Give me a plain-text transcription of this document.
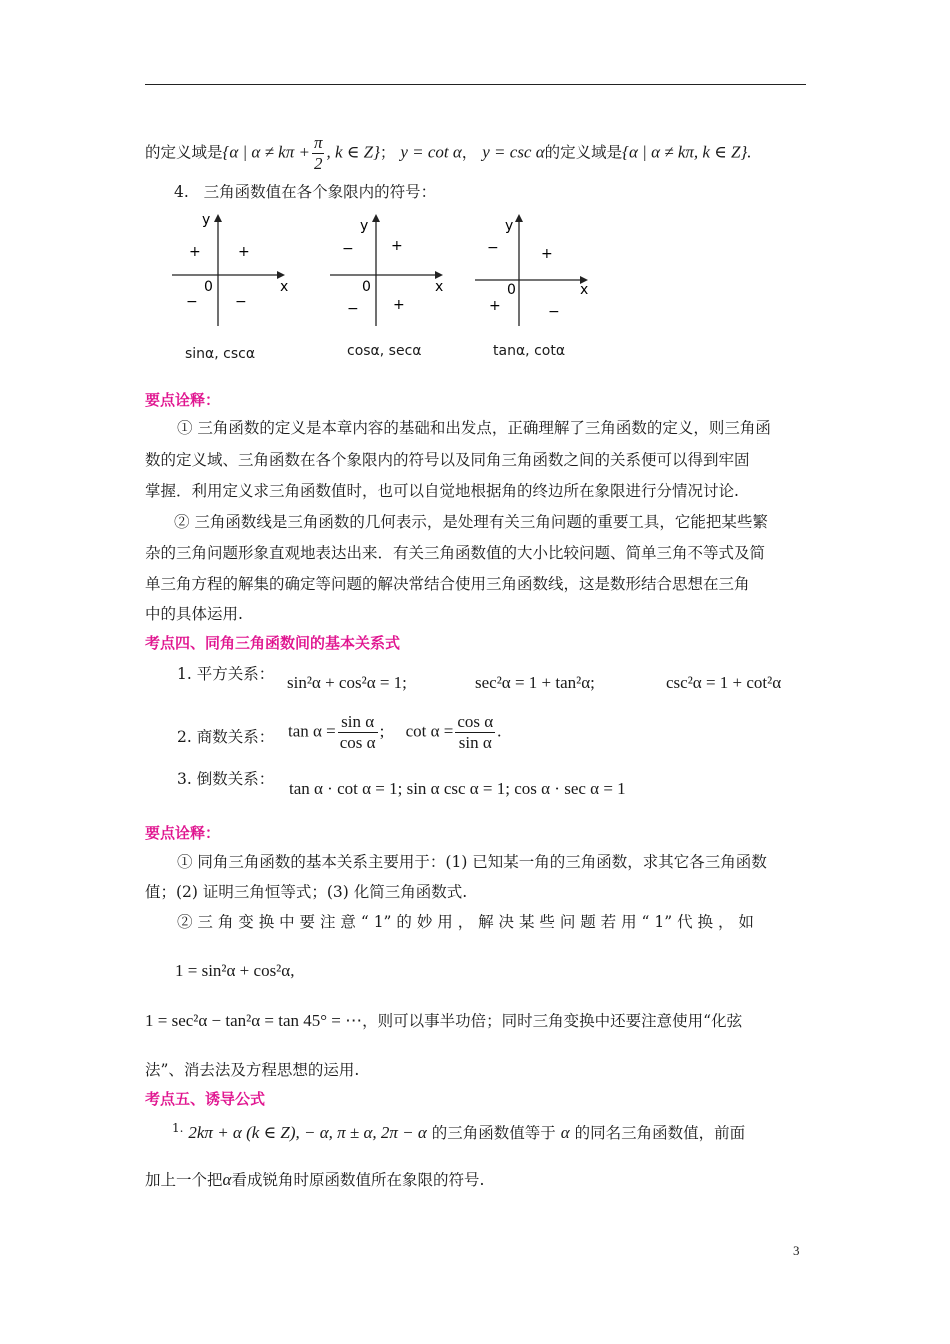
的定义域是{α | $\alpha \ne k\pi + \frac{\pi}{2}$ , k ∈ Z}； y = cot α， y = csc α的定义域是{α | α ≠ kπ, k ∈ Z}.
4. 三角函数值在各个象限内的符号：
y
x
0
+
+
−	−
sinα, cscα
y
x
0
+
−
− +
cosα, secα
y
x
0
+
−
+	−
tanα, cotα
要点诠释：
① 三角函数的定义是本章内容的基础和出发点，正确理解了三角函数的定义，则三角函
数的定义域、三角函数在各个象限内的符号以及同角三角函数之间的关系便可以得到牢固
掌握．利用定义求三角函数值时，也可以自觉地根据角的终边所在象限进行分情况讨论.
② 三角函数线是三角函数的几何表示，是处理有关三角问题的重要工具，它能把某些繁
杂的三角问题形象直观地表达出来．有关三角函数值的大小比较问题、简单三角不等式及简
单三角方程的解集的确定等问题的解决常结合使用三角函数线，这是数形结合思想在三角
中的具体运用.
考点四、同角三角函数间的基本关系式
1. 平方关系： sin²α + cos²α = 1;	sec²α = 1 + tan²α;	csc²α = 1 + cot²α
2. 商数关系： $\tan \alpha = \frac{\text{sin α}}{\text{cos α}}$ ; $\cot \alpha = \frac{\text{cos α}}{\text{sin α}}$ .
3. 倒数关系： tan α · cot α = 1; sin α csc α = 1; cos α · sec α = 1
要点诠释：
① 同角三角函数的基本关系主要用于：(1) 已知某一角的三角函数，求其它各三角函数
值；(2) 证明三角恒等式；(3) 化简三角函数式.
② 三 角 变 换 中 要 注 意 “ 1” 的 妙 用 ， 解 决 某 些 问 题 若 用 “ 1” 代 换 ， 如
1 = sin²α + cos²α,
1 = sec²α − tan²α = tan 45° = ⋯，则可以事半功倍；同时三角变换中还要注意使用“化弦
法”、消去法及方程思想的运用.
考点五、诱导公式
$^{1.}$ 2kπ + α (k ∈ Z), − α, π ± α, 2π − α 的三角函数值等于 α 的同名三角函数值，前面
加上一个把α看成锐角时原函数值所在象限的符号.
3
